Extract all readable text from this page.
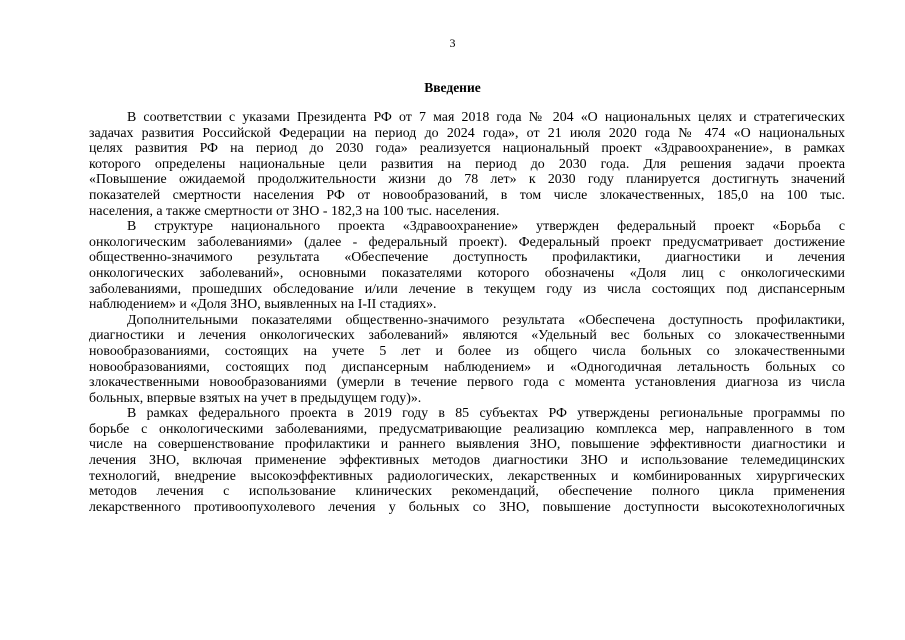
3
Введение

В соответствии с указами Президента РФ от 7 мая 2018 года № 204 «О национальных целях и стратегических
задачах развития Российской Федерации на период до 2024 года», от 21 июля 2020 года № 474 «О национальных
целях развития РФ на период до 2030 года» реализуется национальный проект «Здравоохранение», в рамках
которого определены национальные цели развития на период до 2030 года. Для решения задачи проекта
«Повышение ожидаемой продолжительности жизни до 78 лет» к 2030 году планируется достигнуть значений
показателей смертности населения РФ от новообразований, в том числе злокачественных, 185,0 на 100 тыс.
населения, а также смертности от ЗНО - 182,3 на 100 тыс. населения.

В структуре национального проекта «Здравоохранение» утвержден федеральный проект «Борьба с
онкологическим заболеваниями» (далее - федеральный проект). Федеральный проект предусматривает достижение
общественно-значимого результата «Обеспечение доступность профилактики, диагностики и лечения
онкологических заболеваний», основными показателями которого обозначены «Доля лиц с онкологическими
заболеваниями, прошедших обследование и/или лечение в текущем году из числа состоящих под диспансерным
наблюдением» и «Доля ЗНО, выявленных на I-II стадиях».

Дополнительными показателями общественно-значимого результата «Обеспечена доступность профилактики,
диагностики и лечения онкологических заболеваний» являются «Удельный вес больных со злокачественными
новообразованиями, состоящих на учете 5 лет и более из общего числа больных со злокачественными
новообразованиями, состоящих под диспансерным наблюдением» и «Одногодичная летальность больных со
злокачественными новообразованиями (умерли в течение первого года с момента установления диагноза из числа
больных, впервые взятых на учет в предыдущем году)».

В рамках федерального проекта в 2019 году в 85 субъектах РФ утверждены региональные программы по
борьбе с онкологическими заболеваниями, предусматривающие реализацию комплекса мер, направленного в том
числе на совершенствование профилактики и раннего выявления ЗНО, повышение эффективности диагностики и
лечения ЗНО, включая применение эффективных методов диагностики ЗНО и использование телемедицинских
технологий, внедрение высокоэффективных радиологических, лекарственных и комбинированных хирургических
методов лечения с использование клинических рекомендаций, обеспечение полного цикла применения
лекарственного противоопухолевого лечения у больных со ЗНО, повышение доступности высокотехнологичных
